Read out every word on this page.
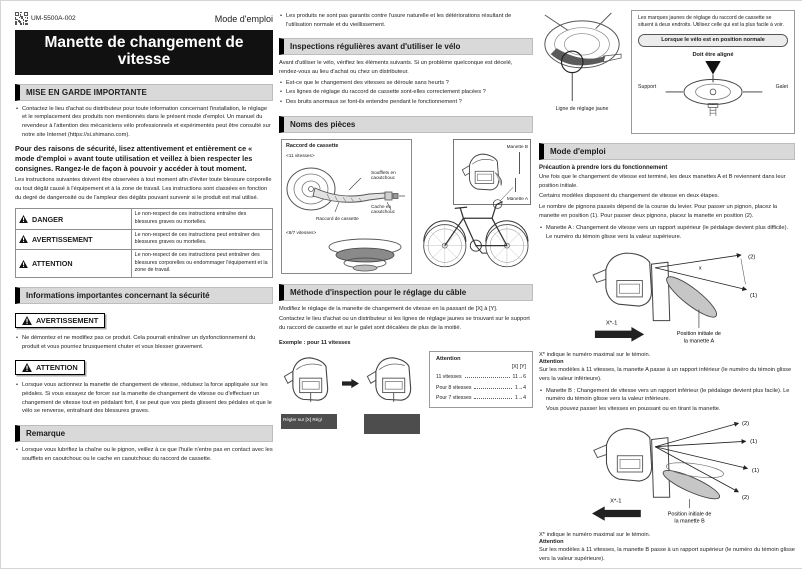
UM-5500A-002	Mode d'emploi
Manette de changement de
vitesse
MISE EN GARDE IMPORTANTE
• Contactez le lieu d'achat ou distributeur pour toute information concernant l'installation, le réglage et le remplacement des produits non mentionnés dans le présent mode d'emploi. Un manuel du revendeur à l'attention des mécaniciens vélo professionnels et expérimentés peut être consulté sur notre site Internet (https://si.shimano.com).
Pour des raisons de sécurité, lisez attentivement et entièrement ce « mode d'emploi » avant toute utilisation et veillez à bien respecter les consignes. Rangez-le de façon à pouvoir y accéder à tout moment.
Les instructions suivantes doivent être observées à tout moment afin d'éviter toute blessure corporelle ou tout dégât causé à l'équipement et à la zone de travail. Les instructions sont classées en fonction du degré de dangerosité ou de l'ampleur des dégâts pouvant survenir si le produit est mal utilisé.
DANGER	Le non-respect de ces instructions entraîne des blessures graves ou mortelles.

AVERTISSEMENT	Le non-respect de ces instructions peut entraîner des blessures graves ou mortelles.

ATTENTION	Le non-respect de ces instructions peut entraîner des blessures corporelles ou endommager l'équipement et la zone de travail.
Informations importantes concernant la sécurité
AVERTISSEMENT
• Ne démontez et ne modifiez pas ce produit. Cela pourrait entraîner un dysfonctionnement du produit et vous pourriez brusquement chuter et vous blesser gravement.
ATTENTION
• Lorsque vous actionnez la manette de changement de vitesse, réduisez la force appliquée sur les pédales. Si vous essayez de forcer sur la manette de changement de vitesse ou d'effectuer un changement de vitesse tout en pédalant fort, il se peut que vos pieds glissent des pédales et que le vélo se renverse, entraînant des blessures graves.
Remarque
• Lorsque vous lubrifiez la chaîne ou le pignon, veillez à ce que l'huile n'entre pas en contact avec les soufflets en caoutchouc ou le cache en caoutchouc du raccord de cassette.
• Les produits ne sont pas garantis contre l'usure naturelle et les détériorations résultant de l'utilisation normale et du vieillissement.
Inspections régulières avant d'utiliser le vélo
Avant d'utiliser le vélo, vérifiez les éléments suivants. Si un problème quelconque est décelé, rendez-vous au lieu d'achat ou chez un distributeur.
• Est-ce que le changement des vitesses se déroule sans heurts ?
• Les lignes de réglage du raccord de cassette sont-elles correctement placées ?
• Des bruits anormaux se font-ils entendre pendant le fonctionnement ?
Noms des pièces
Raccord de cassette
<11 vitesses>
Soufflets en caoutchouc
Cache en caoutchouc
Raccord de cassette
<8/7 vitesses>
Manette B
Manette A
Méthode d'inspection pour le réglage du câble
Modifiez le réglage de la manette de changement de vitesse en la passant de [X] à [Y].
Contactez le lieu d'achat ou un distributeur si les lignes de réglage jaunes se trouvant sur le support du raccord de cassette et sur le galet sont décalées de plus de la moitié.
Exemple : pour 11 vitesses
Régler sur [X] Régl
Attention
[X] [Y]
11 vitesses	11→6
Pour 8 vitesses	1→4
Pour 7 vitesses	1→4
Ligne de réglage jaune
Les marques jaunes de réglage du raccord de cassette se situent à deux endroits. Utilisez celle qui est la plus facile à voir.
Lorsque le vélo est en position normale
Doit être aligné
Support	Galet
Mode d'emploi
Précaution à prendre lors du fonctionnement
Une fois que le changement de vitesse est terminé, les deux manettes A et B reviennent dans leur position initiale.
Certains modèles disposent du changement de vitesse en deux étapes.
Le nombre de pignons passés dépend de la course du levier. Pour passer un pignon, placez la manette en position (1). Pour passer deux pignons, placez la manette en position (2).
• Manette A : Changement de vitesse vers un rapport supérieur (le pédalage devient plus difficile). Le numéro du témoin glisse vers la valeur supérieure.
(2)
x
(1)
X*-1
Position initiale de
la manette A
X* indique le numéro maximal sur le témoin.
Attention
Sur les modèles à 11 vitesses, la manette A passe à un rapport inférieur (le numéro du témoin glisse vers la valeur inférieure).
• Manette B : Changement de vitesse vers un rapport inférieur (le pédalage devient plus facile). Le numéro du témoin glisse vers la valeur inférieure.
Vous pouvez passer les vitesses en poussant ou en tirant la manette.
(2)
(1)
(1)
(2)
X*-1
Position initiale de
la manette B
X* indique le numéro maximal sur le témoin.
Attention
Sur les modèles à 11 vitesses, la manette B passe à un rapport supérieur (le numéro du témoin glisse vers la valeur supérieure).
